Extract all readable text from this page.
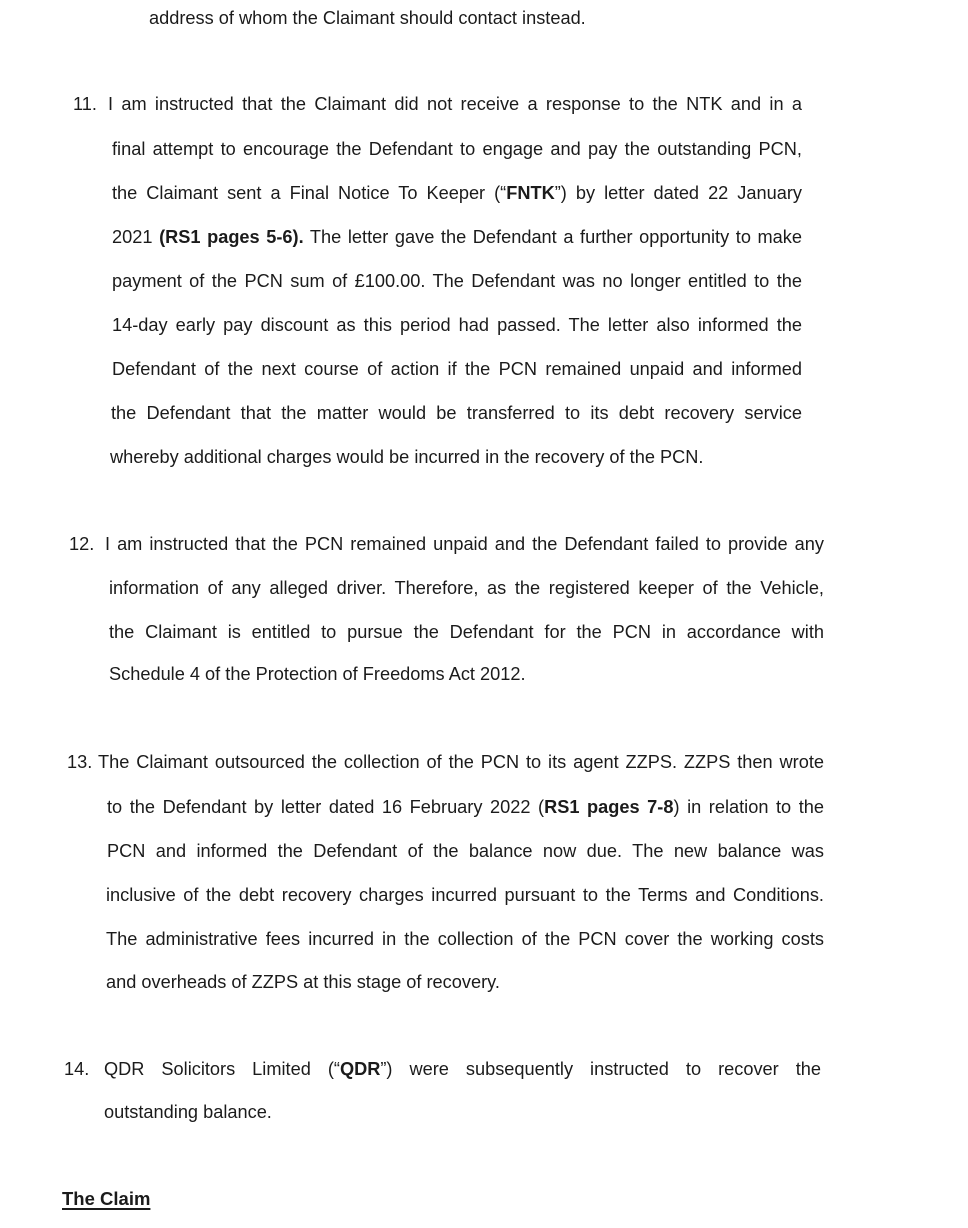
address of whom the Claimant should contact instead.
11. I am instructed that the Claimant did not receive a response to the NTK and in a
final attempt to encourage the Defendant to engage and pay the outstanding PCN,
the Claimant sent a Final Notice To Keeper (“FNTK”) by letter dated 22 January
2021 (RS1 pages 5-6). The letter gave the Defendant a further opportunity to make
payment of the PCN sum of £100.00. The Defendant was no longer entitled to the
14-day early pay discount as this period had passed. The letter also informed the
Defendant of the next course of action if the PCN remained unpaid and informed
the Defendant that the matter would be transferred to its debt recovery service
whereby additional charges would be incurred in the recovery of the PCN.
12. I am instructed that the PCN remained unpaid and the Defendant failed to provide any
information of any alleged driver. Therefore, as the registered keeper of the Vehicle,
the Claimant is entitled to pursue the Defendant for the PCN in accordance with
Schedule 4 of the Protection of Freedoms Act 2012.
13. The Claimant outsourced the collection of the PCN to its agent ZZPS. ZZPS then wrote
to the Defendant by letter dated 16 February 2022 (RS1 pages 7-8) in relation to the
PCN and informed the Defendant of the balance now due. The new balance was
inclusive of the debt recovery charges incurred pursuant to the Terms and Conditions.
The administrative fees incurred in the collection of the PCN cover the working costs
and overheads of ZZPS at this stage of recovery.
14. QDR Solicitors Limited (“QDR”) were subsequently instructed to recover the
outstanding balance.
The Claim
